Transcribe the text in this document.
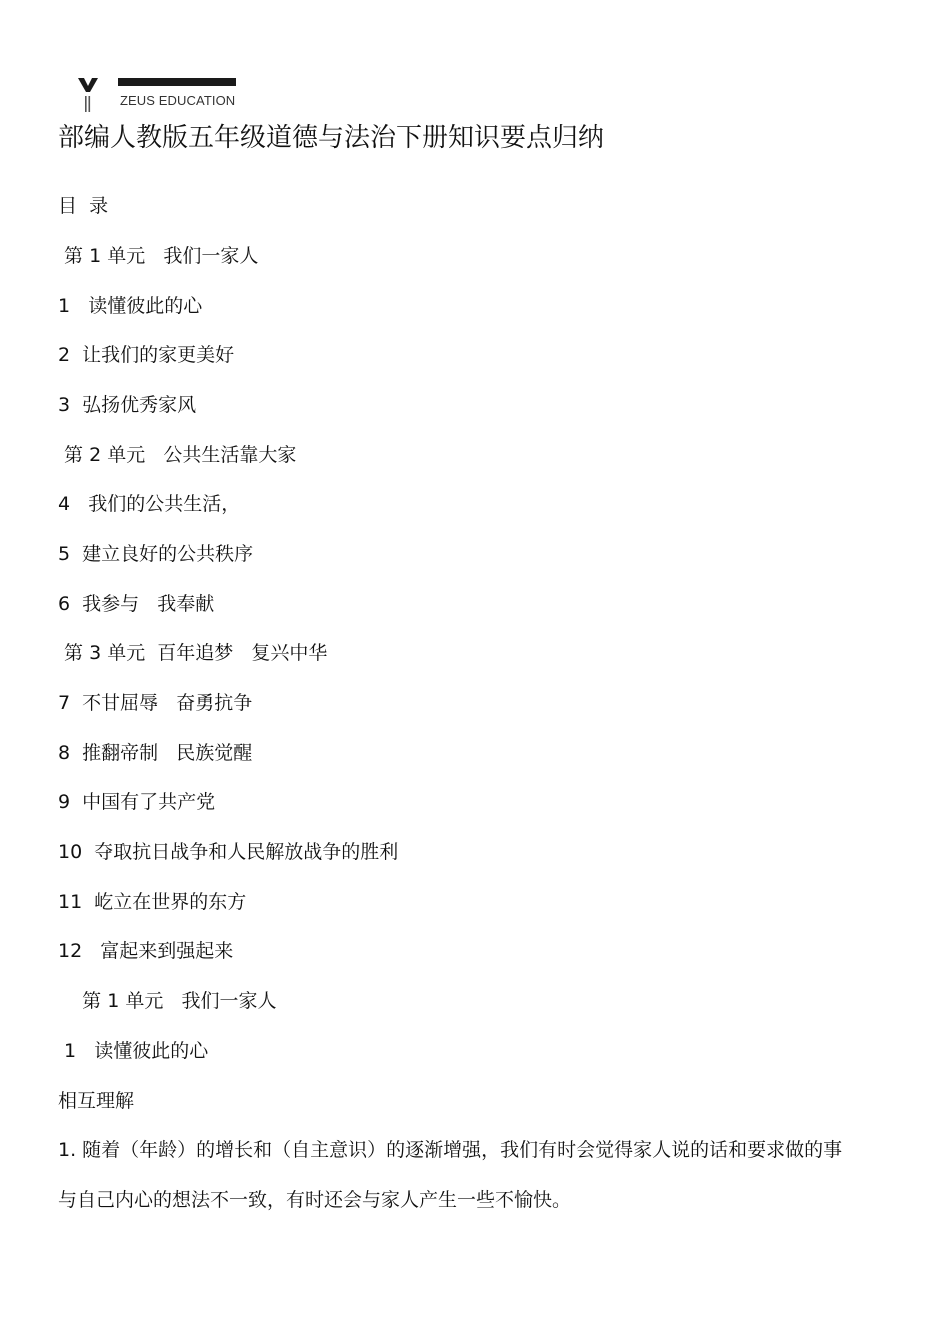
ZEUS EDUCATION
部编人教版五年级道德与法治下册知识要点归纳
目  录
第 1 单元   我们一家人
1   读懂彼此的心
2  让我们的家更美好
3  弘扬优秀家风
第 2 单元   公共生活靠大家
4   我们的公共生活，
5  建立良好的公共秩序
6  我参与   我奉献
第 3 单元  百年追梦   复兴中华
7  不甘屈辱   奋勇抗争
8  推翻帝制   民族觉醒
9  中国有了共产党
10  夺取抗日战争和人民解放战争的胜利
11  屹立在世界的东方
12   富起来到强起来
第 1 单元   我们一家人
1   读懂彼此的心
相互理解
1. 随着（年龄）的增长和（自主意识）的逐渐增强，我们有时会觉得家人说的话和要求做的事
与自己内心的想法不一致，有时还会与家人产生一些不愉快。
